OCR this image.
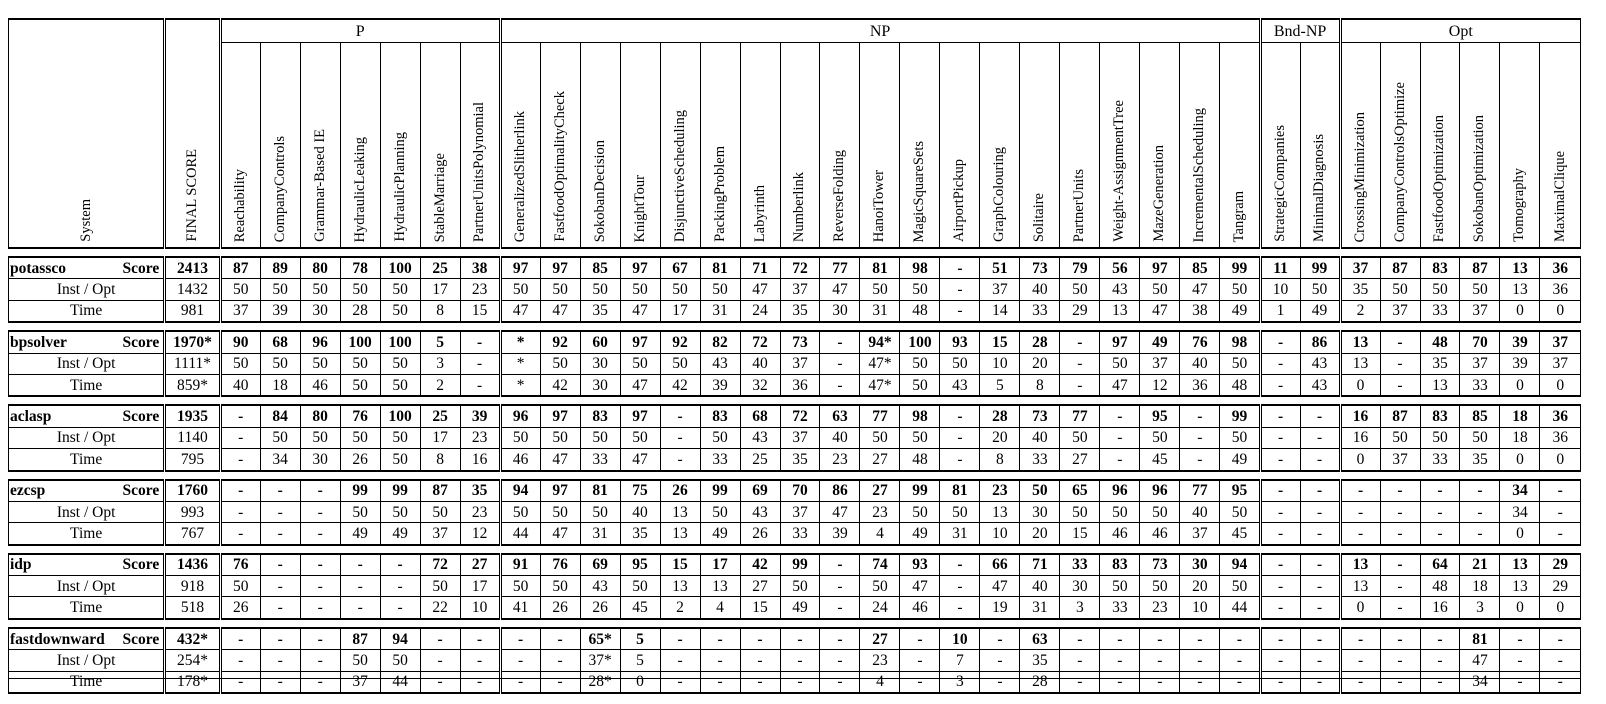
System	FINAL SCORE	P							NP																			Bnd-NP		Opt					
		Reachability	CompanyControls	Grammar-Based IE	HydraulicLeaking	HydraulicPlanning	StableMarriage	PartnerUnitsPolynomial	GeneralizedSlitherlink	FastfoodOptimalityCheck	SokobanDecision	KnightTour	DisjunctiveScheduling	PackingProblem	Labyrinth	Numberlink	ReverseFolding	HanoiTower	MagicSquareSets	AirportPickup	GraphColouring	Solitaire	PartnerUnits	Weight-AssignmentTree	MazeGeneration	IncrementalScheduling	Tangram	StrategicCompanies	MinimalDiagnosis	CrossingMinimization	CompanyControlsOptimize	FastfoodOptimization	SokobanOptimization	Tomography	MaximalClique

potassco Score	2413	87	89	80	78	100	25	38	97	97	85	97	67	81	71	72	77	81	98	-	51	73	79	56	97	85	99	11	99	37	87	83	87	13	36
Inst / Opt	1432	50	50	50	50	50	17	23	50	50	50	50	50	50	47	37	47	50	50	-	37	40	50	43	50	47	50	10	50	35	50	50	50	13	36
Time	981	37	39	30	28	50	8	15	47	47	35	47	17	31	24	35	30	31	48	-	14	33	29	13	47	38	49	1	49	2	37	33	37	0	0

bpsolver Score	1970*	90	68	96	100	100	5	-	*	92	60	97	92	82	72	73	-	94*	100	93	15	28	-	97	49	76	98	-	86	13	-	48	70	39	37
Inst / Opt	1111*	50	50	50	50	50	3	-	*	50	30	50	50	43	40	37	-	47*	50	50	10	20	-	50	37	40	50	-	43	13	-	35	37	39	37
Time	859*	40	18	46	50	50	2	-	*	42	30	47	42	39	32	36	-	47*	50	43	5	8	-	47	12	36	48	-	43	0	-	13	33	0	0

aclasp Score	1935	-	84	80	76	100	25	39	96	97	83	97	-	83	68	72	63	77	98	-	28	73	77	-	95	-	99	-	-	16	87	83	85	18	36
Inst / Opt	1140	-	50	50	50	50	17	23	50	50	50	50	-	50	43	37	40	50	50	-	20	40	50	-	50	-	50	-	-	16	50	50	50	18	36
Time	795	-	34	30	26	50	8	16	46	47	33	47	-	33	25	35	23	27	48	-	8	33	27	-	45	-	49	-	-	0	37	33	35	0	0

ezcsp Score	1760	-	-	-	99	99	87	35	94	97	81	75	26	99	69	70	86	27	99	81	23	50	65	96	96	77	95	-	-	-	-	-	-	34	-
Inst / Opt	993	-	-	-	50	50	50	23	50	50	50	40	13	50	43	37	47	23	50	50	13	30	50	50	50	40	50	-	-	-	-	-	-	34	-
Time	767	-	-	-	49	49	37	12	44	47	31	35	13	49	26	33	39	4	49	31	10	20	15	46	46	37	45	-	-	-	-	-	-	0	-

idp Score	1436	76	-	-	-	-	72	27	91	76	69	95	15	17	42	99	-	74	93	-	66	71	33	83	73	30	94	-	-	13	-	64	21	13	29
Inst / Opt	918	50	-	-	-	-	50	17	50	50	43	50	13	13	27	50	-	50	47	-	47	40	30	50	50	20	50	-	-	13	-	48	18	13	29
Time	518	26	-	-	-	-	22	10	41	26	26	45	2	4	15	49	-	24	46	-	19	31	3	33	23	10	44	-	-	0	-	16	3	0	0

fastdownward Score	432*	-	-	-	87	94	-	-	-	-	65*	5	-	-	-	-	-	27	-	10	-	63	-	-	-	-	-	-	-	-	-	-	81	-	-
Inst / Opt	254*	-	-	-	50	50	-	-	-	-	37*	5	-	-	-	-	-	23	-	7	-	35	-	-	-	-	-	-	-	-	-	-	47	-	-
Time	178*	-	-	-	37	44	-	-	-	-	28*	0	-	-	-	-	-	4	-	3	-	28	-	-	-	-	-	-	-	-	-	-	34	-	-
